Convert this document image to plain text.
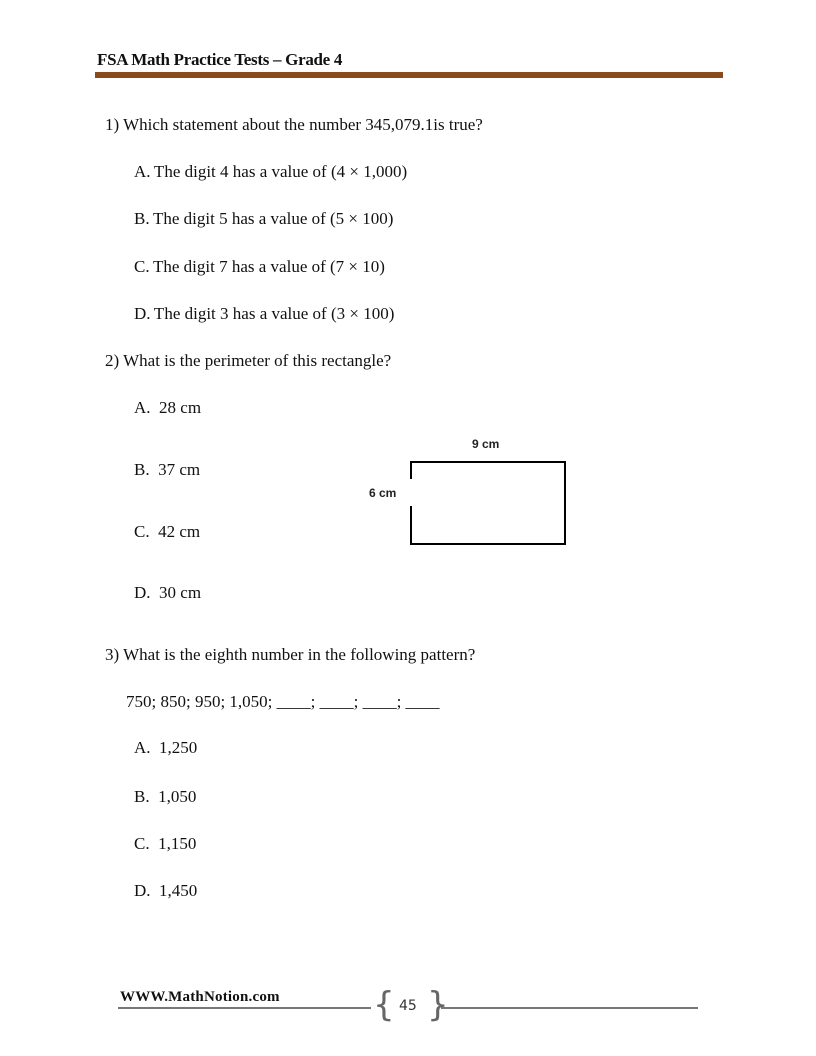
FSA Math Practice Tests – Grade 4
1) Which statement about the number 345,079.1is true?
A. The digit 4 has a value of (4 × 1,000)
B. The digit 5 has a value of (5 × 100)
C. The digit 7 has a value of (7 × 10)
D. The digit 3 has a value of (3 × 100)
2) What is the perimeter of this rectangle?
A.  28 cm
B.  37 cm
C.  42 cm
D.  30 cm
9 cm
6 cm
3) What is the eighth number in the following pattern?
750; 850; 950; 1,050; ____; ____; ____; ____
A.  1,250
B.  1,050
C.  1,150
D.  1,450
WWW.MathNotion.com	{ }
45
